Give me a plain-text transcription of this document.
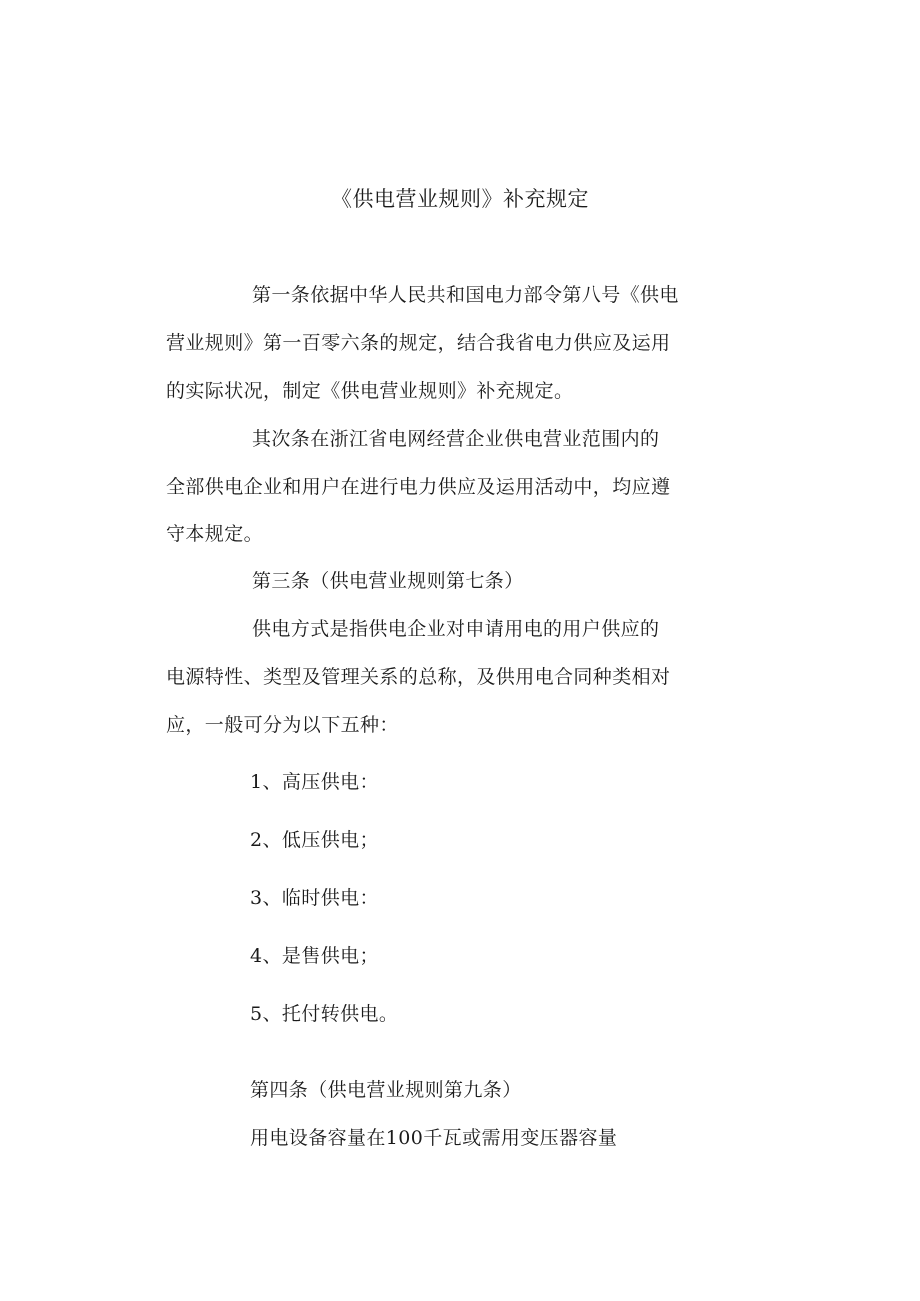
《供电营业规则》补充规定
第一条依据中华人民共和国电力部令第八号《供电
营业规则》第一百零六条的规定，结合我省电力供应及运用
的实际状况，制定《供电营业规则》补充规定。
其次条在浙江省电网经营企业供电营业范围内的
全部供电企业和用户在进行电力供应及运用活动中，均应遵
守本规定。
第三条（供电营业规则第七条）
供电方式是指供电企业对申请用电的用户供应的
电源特性、类型及管理关系的总称，及供用电合同种类相对
应，一般可分为以下五种：
1、高压供电：
2、低压供电；
3、临时供电：
4、是售供电；
5、托付转供电。
第四条（供电营业规则第九条）
用电设备容量在100千瓦或需用变压器容量
